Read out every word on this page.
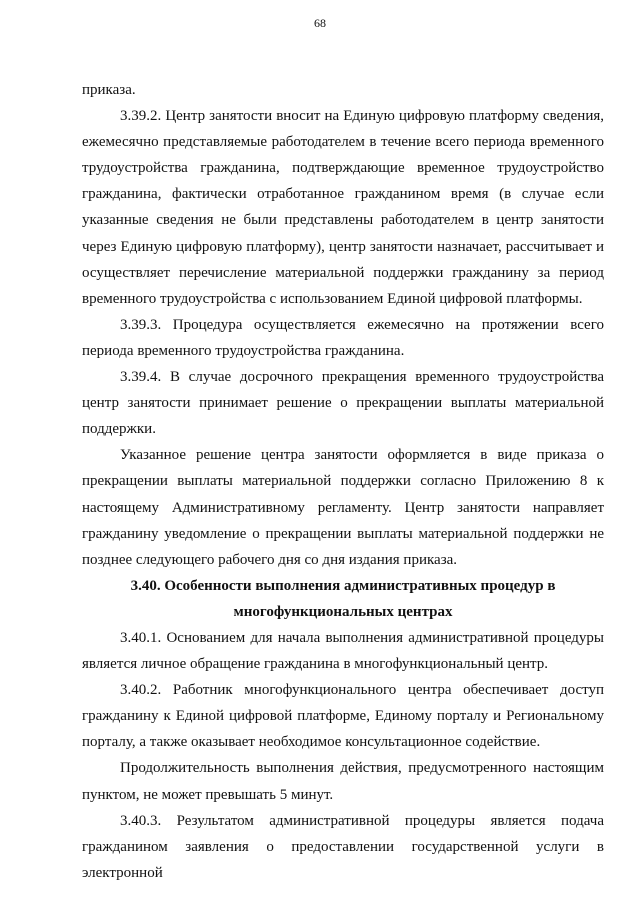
68

приказа.

3.39.2. Центр занятости вносит на Единую цифровую платформу сведения, ежемесячно представляемые работодателем в течение всего периода временного трудоустройства гражданина, подтверждающие временное трудоустройство гражданина, фактически отработанное гражданином время (в случае если указанные сведения не были представлены работодателем в центр занятости через Единую цифровую платформу), центр занятости назначает, рассчитывает и осуществляет перечисление материальной поддержки гражданину за период временного трудоустройства с использованием Единой цифровой платформы.

3.39.3. Процедура осуществляется ежемесячно на протяжении всего периода временного трудоустройства гражданина.

3.39.4. В случае досрочного прекращения временного трудоустройства центр занятости принимает решение о прекращении выплаты материальной поддержки.

Указанное решение центра занятости оформляется в виде приказа о прекращении выплаты материальной поддержки согласно Приложению 8 к настоящему Административному регламенту. Центр занятости направляет гражданину уведомление о прекращении выплаты материальной поддержки не позднее следующего рабочего дня со дня издания приказа.

3.40. Особенности выполнения административных процедур в

многофункциональных центрах

3.40.1. Основанием для начала выполнения административной процедуры является личное обращение гражданина в многофункциональный центр.

3.40.2. Работник многофункционального центра обеспечивает доступ гражданину к Единой цифровой платформе, Единому порталу и Региональному порталу, а также оказывает необходимое консультационное содействие.

Продолжительность выполнения действия, предусмотренного настоящим пунктом, не может превышать 5 минут.

3.40.3. Результатом административной процедуры является подача гражданином заявления о предоставлении государственной услуги в электронной
